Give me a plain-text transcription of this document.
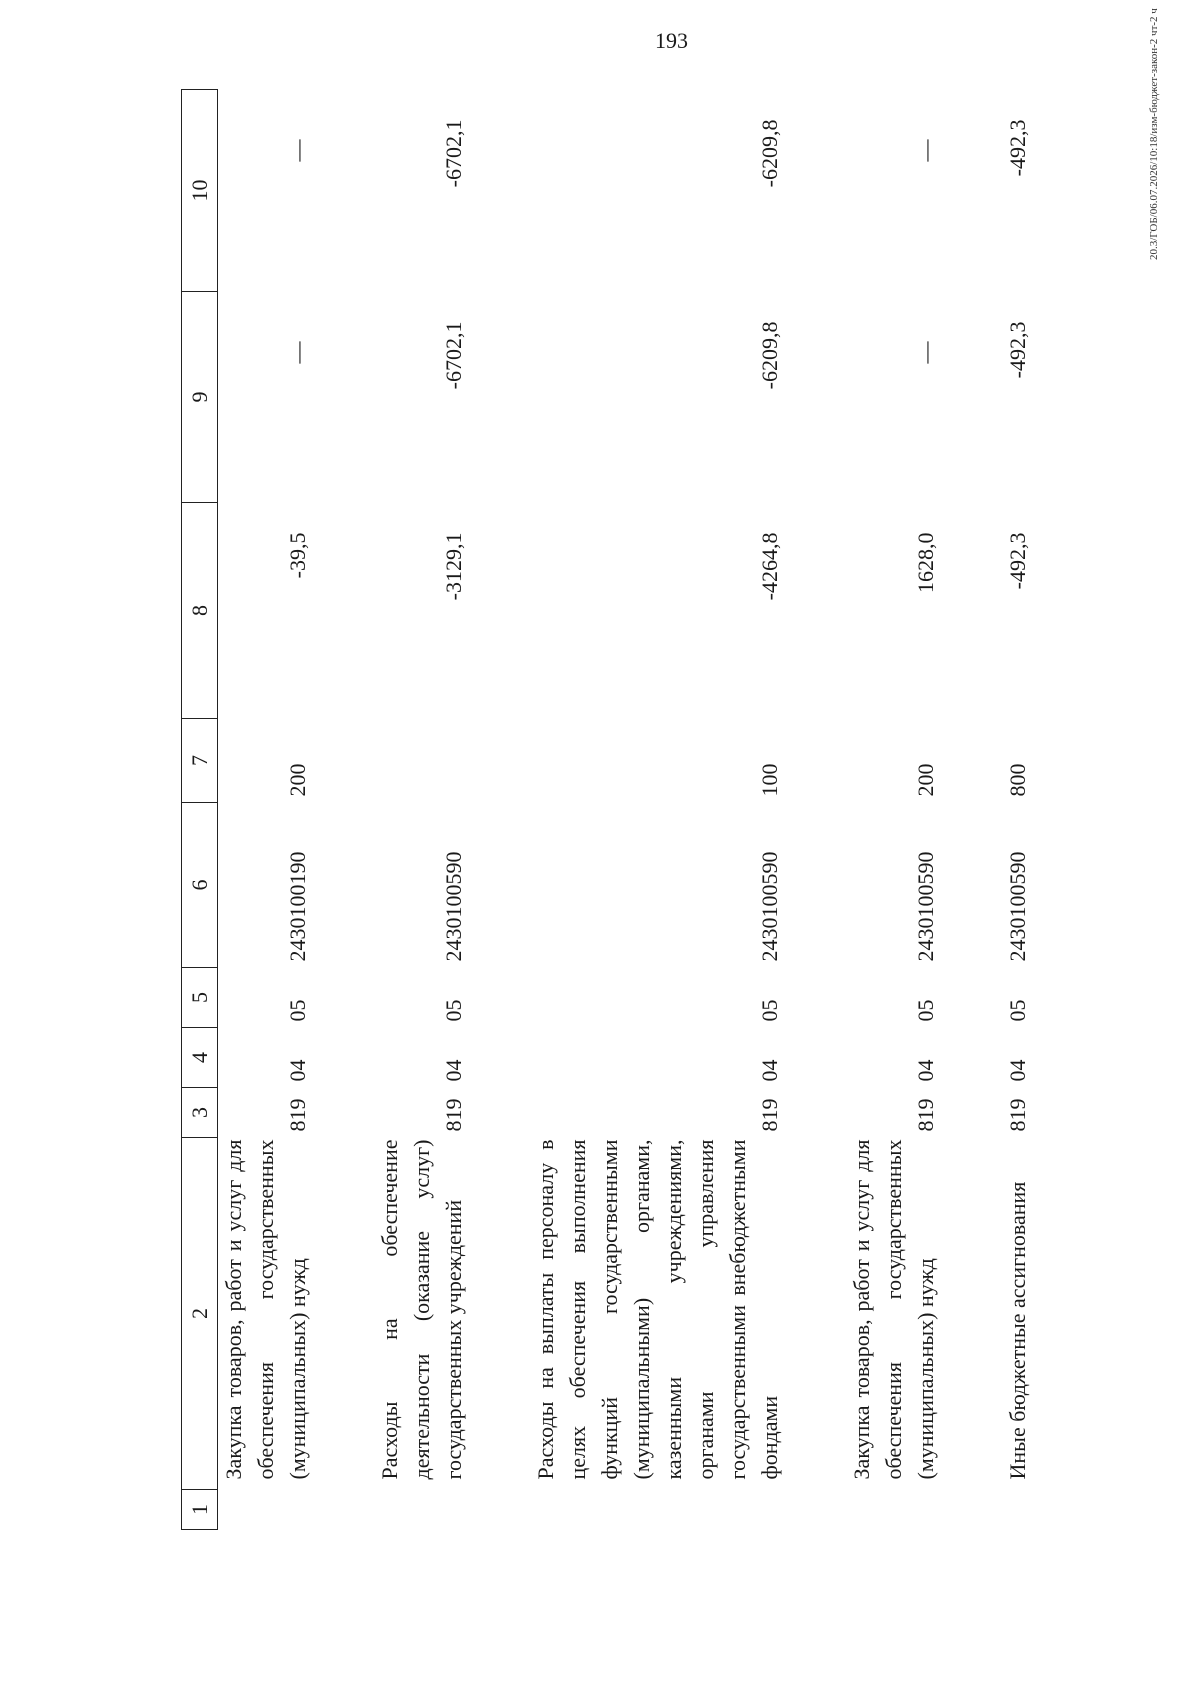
193	20.3/ГОБ/06.07.2026/10:18/изм-бюджет-закон-2 чт-2 ч
1	2	3	4	5	6	7	8	9	10
	Закупка товаров, работ и услуг для обеспечения государственных (муниципальных) нужд	819	04	05	2430100190	200	-39,5	—	—

	Расходы на обеспечение деятельности (оказание услуг) государственных учреждений	819	04	05	2430100590		-3129,1	-6702,1	-6702,1

	Расходы на выплаты персоналу в целях обеспечения выполнения функций государственными (муниципальными) органами, казенными учреждениями, органами управления государственными внебюджетными фондами	819	04	05	2430100590	100	-4264,8	-6209,8	-6209,8

	Закупка товаров, работ и услуг для обеспечения государственных (муниципальных) нужд	819	04	05	2430100590	200	1628,0	—	—

	Иные бюджетные ассигнования	819	04	05	2430100590	800	-492,3	-492,3	-492,3
